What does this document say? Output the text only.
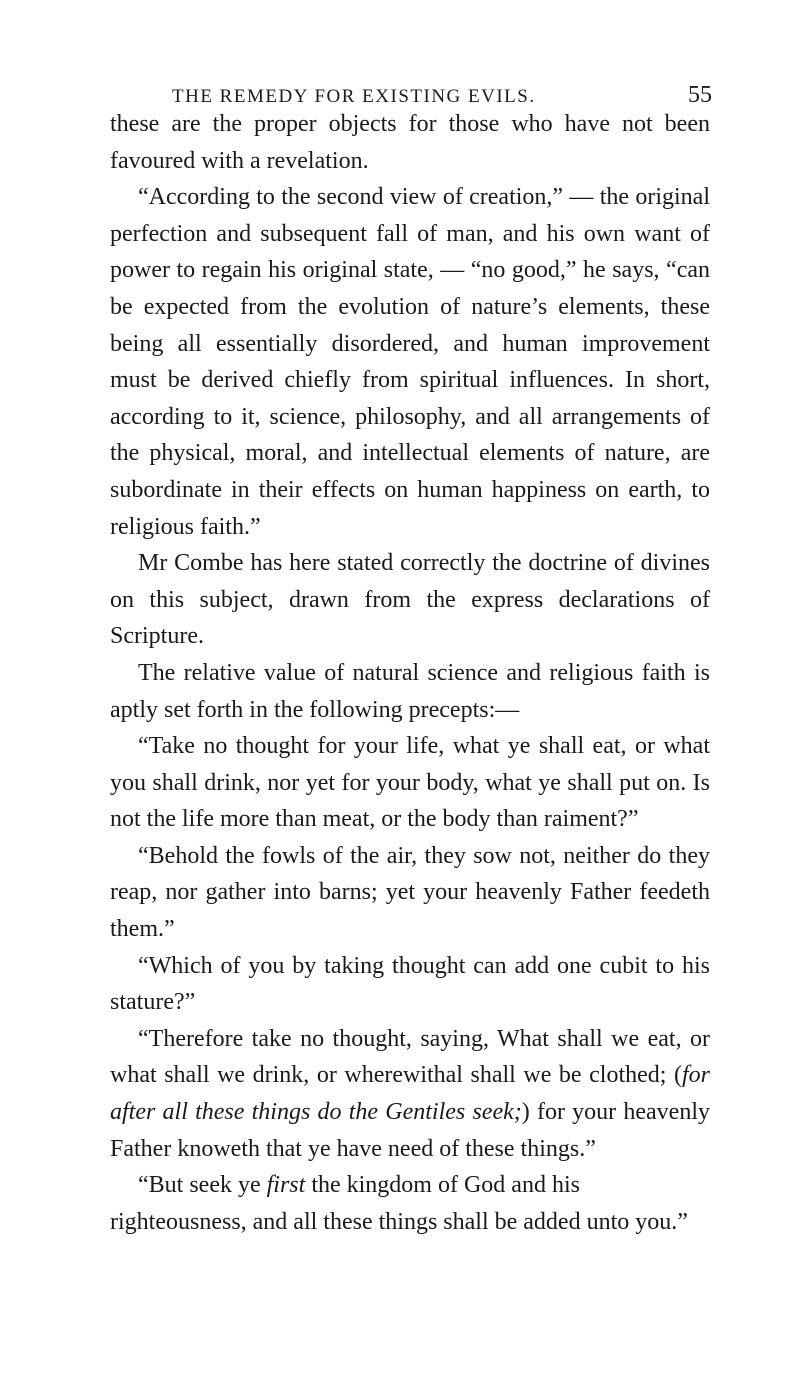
THE REMEDY FOR EXISTING EVILS.	55

these are the proper objects for those who have not been favoured with a revelation.

“According to the second view of creation,” — the original perfection and subsequent fall of man, and his own want of power to regain his original state, — “no good,” he says, “can be expected from the evolution of nature’s elements, these being all essentially disordered, and human improvement must be derived chiefly from spiritual influences. In short, according to it, science, philosophy, and all arrangements of the physical, moral, and intellectual elements of nature, are subordinate in their effects on human happiness on earth, to religious faith.”

Mr Combe has here stated correctly the doctrine of divines on this subject, drawn from the express declarations of Scripture.

The relative value of natural science and religious faith is aptly set forth in the following precepts:—

“Take no thought for your life, what ye shall eat, or what you shall drink, nor yet for your body, what ye shall put on. Is not the life more than meat, or the body than raiment?”

“Behold the fowls of the air, they sow not, neither do they reap, nor gather into barns; yet your heavenly Father feedeth them.”

“Which of you by taking thought can add one cubit to his stature?”

“Therefore take no thought, saying, What shall we eat, or what shall we drink, or wherewithal shall we be clothed; (for after all these things do the Gentiles seek;) for your heavenly Father knoweth that ye have need of these things.”

“But seek ye first the kingdom of God and his righteousness, and all these things shall be added unto you.”
